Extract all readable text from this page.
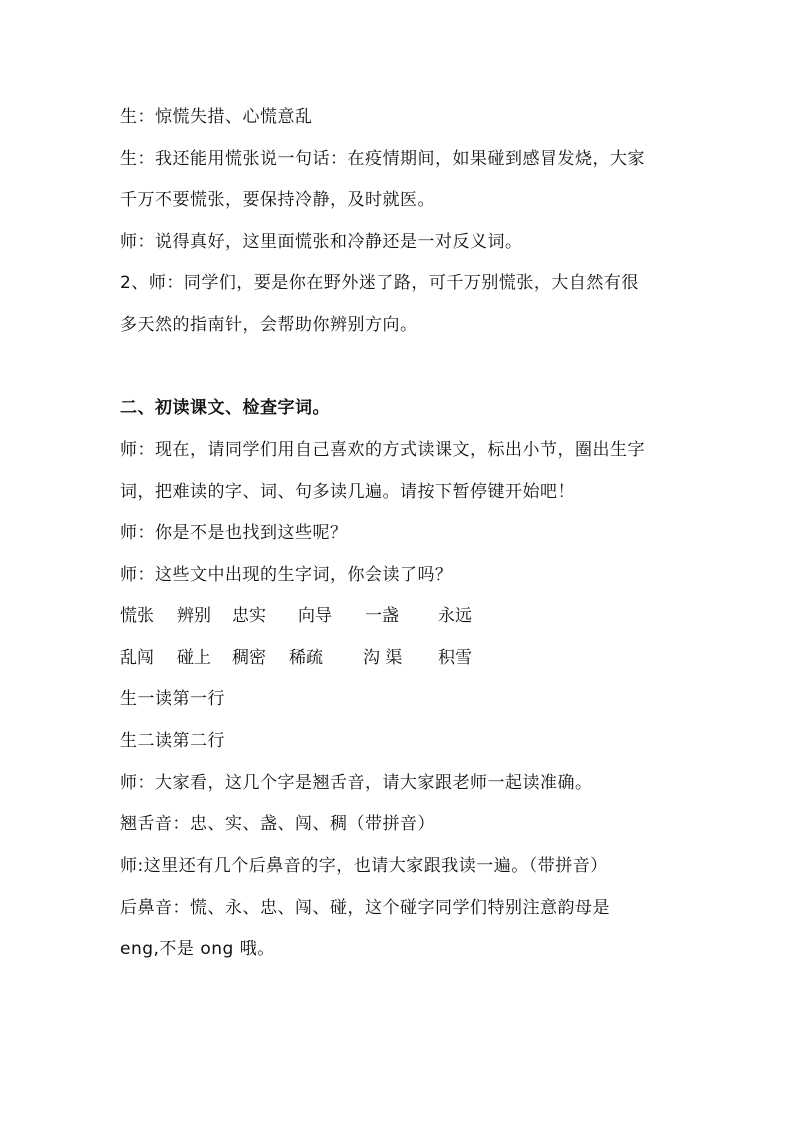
生：惊慌失措、心慌意乱
生：我还能用慌张说一句话：在疫情期间，如果碰到感冒发烧，大家
千万不要慌张，要保持冷静，及时就医。
师：说得真好，这里面慌张和冷静还是一对反义词。
2、师：同学们，要是你在野外迷了路，可千万别慌张，大自然有很
多天然的指南针，会帮助你辨别方向。
二、初读课文、检查字词。
师：现在，请同学们用自己喜欢的方式读课文，标出小节，圈出生字
词，把难读的字、词、句多读几遍。请按下暂停键开始吧！
师：你是不是也找到这些呢？
师：这些文中出现的生字词，你会读了吗？
慌张 辨别 忠实 向导 一盏 永远
乱闯 碰上 稠密 稀疏 沟 渠 积雪
生一读第一行
生二读第二行
师：大家看，这几个字是翘舌音，请大家跟老师一起读准确。
翘舌音：忠、实、盏、闯、稠（带拼音）
师:这里还有几个后鼻音的字，也请大家跟我读一遍。（带拼音）
后鼻音：慌、永、忠、闯、碰，这个碰字同学们特别注意韵母是
eng,不是 ong 哦。
